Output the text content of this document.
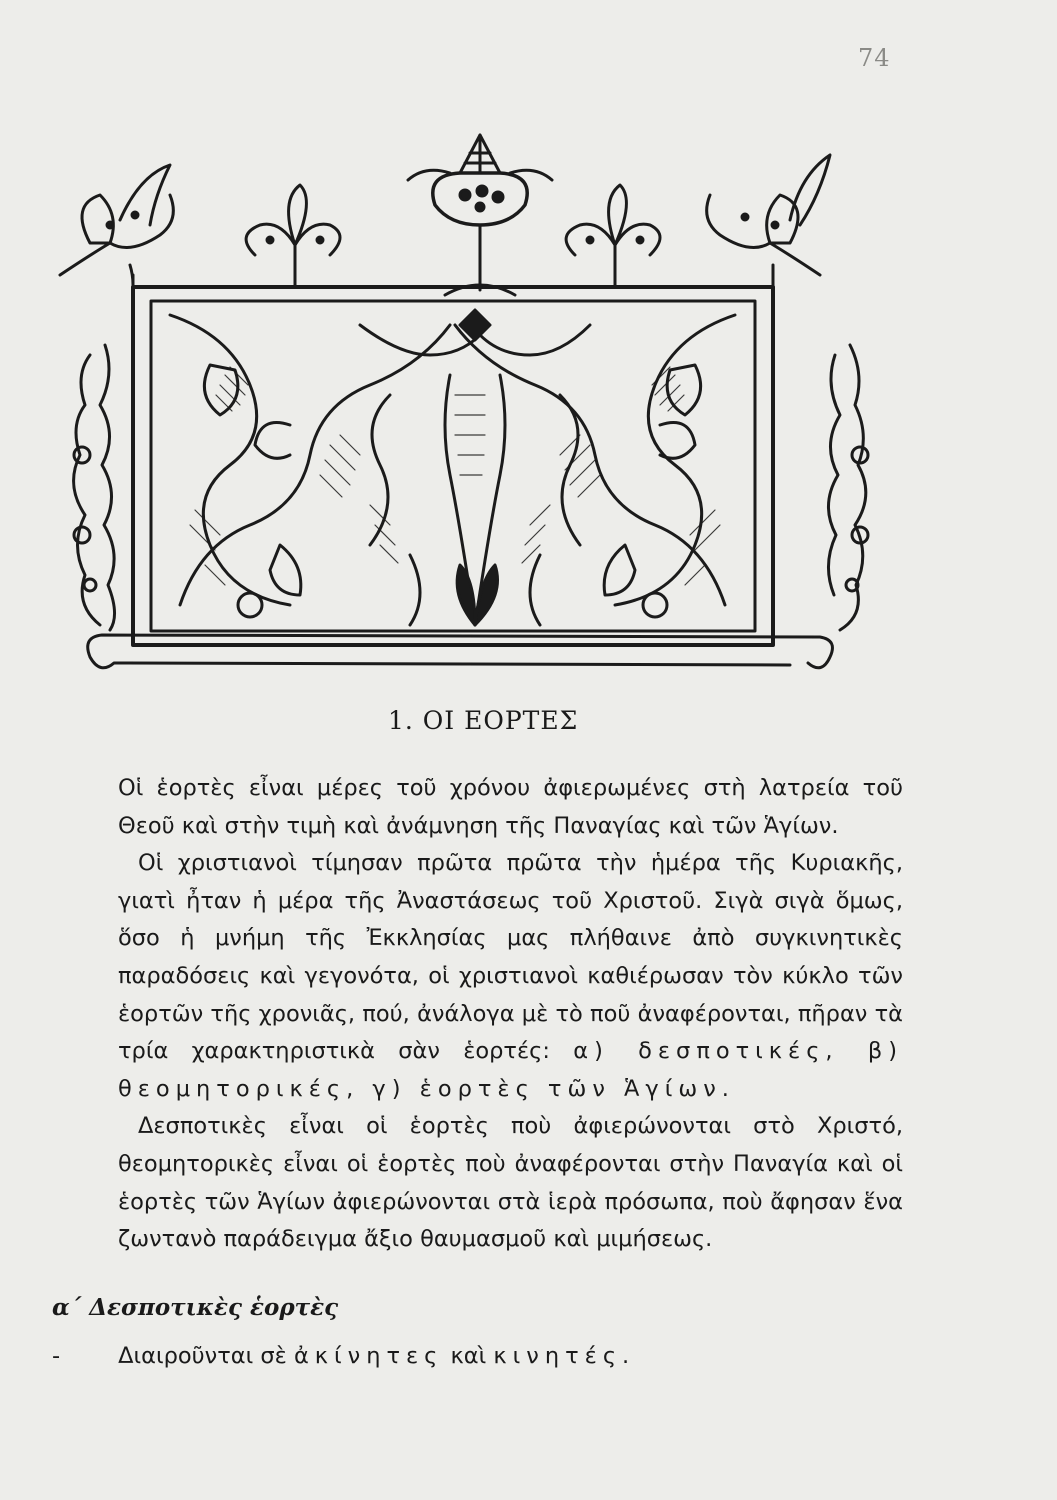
74
1. ΟΙ ΕΟΡΤΕΣ

Οἱ ἑορτὲς εἶναι μέρες τοῦ χρόνου ἀφιερωμένες στὴ λατρεία τοῦ Θεοῦ καὶ στὴν τιμὴ καὶ ἀνάμνηση τῆς Παναγίας καὶ τῶν Ἁγίων.

Οἱ χριστιανοὶ τίμησαν πρῶτα πρῶτα τὴν ἡμέρα τῆς Κυριακῆς, γιατὶ ἦταν ἡ μέρα τῆς Ἀναστάσεως τοῦ Χριστοῦ. Σιγὰ σιγὰ ὅμως, ὅσο ἡ μνήμη τῆς Ἐκκλησίας μας πλήθαινε ἀπὸ συγκινητικὲς παραδόσεις καὶ γεγονότα, οἱ χριστιανοὶ καθιέρωσαν τὸν κύκλο τῶν ἑορτῶν τῆς χρονιᾶς, πού, ἀνάλογα μὲ τὸ ποῦ ἀναφέρονται, πῆραν τὰ τρία χαρακτηριστικὰ σὰν ἑορτές: α) δεσποτικές, β) θεομητορικές, γ) ἑορτὲς τῶν Ἁγίων.

Δεσποτικὲς εἶναι οἱ ἑορτὲς ποὺ ἀφιερώνονται στὸ Χριστό, θεομητορικὲς εἶναι οἱ ἑορτὲς ποὺ ἀναφέρονται στὴν Παναγία καὶ οἱ ἑορτὲς τῶν Ἁγίων ἀφιερώνονται στὰ ἱερὰ πρόσωπα, ποὺ ἄφησαν ἕνα ζωντανὸ παράδειγμα ἄξιο θαυμασμοῦ καὶ μιμήσεως.

α΄ Δεσποτικὲς ἑορτὲς
-	Διαιροῦνται σὲ ἀκίνητες καὶ κινητές.
